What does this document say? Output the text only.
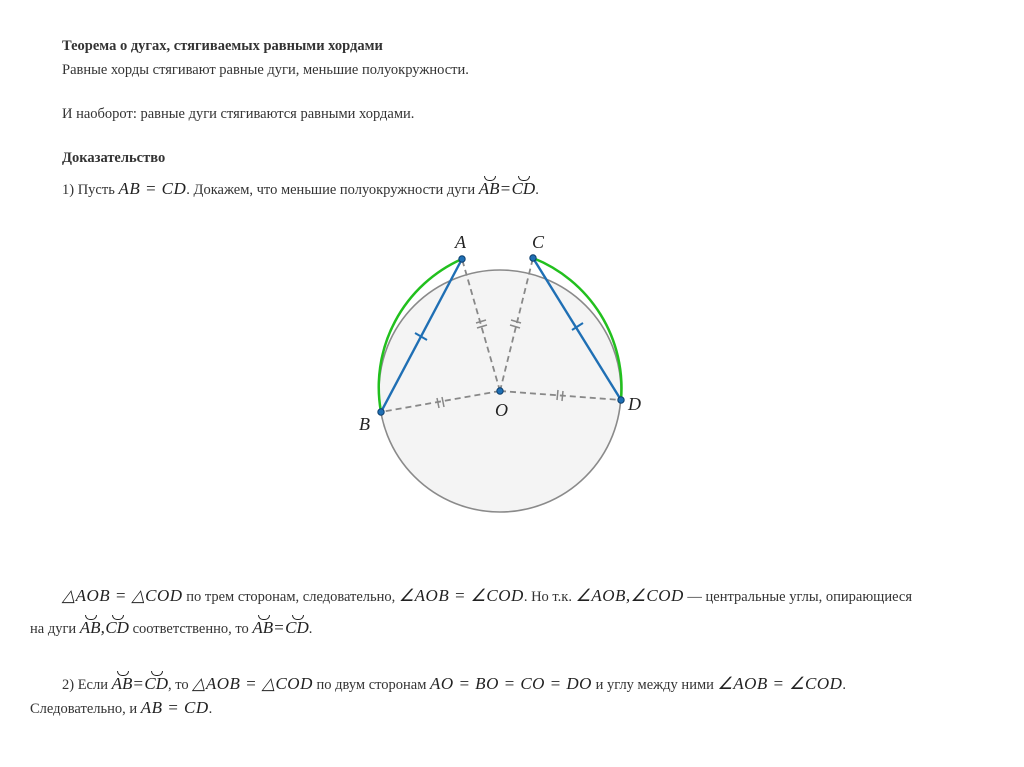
Теорема о дугах, стягиваемых равными хордами
Равные хорды стягивают равные дуги, меньшие полуокружности.
И наоборот: равные дуги стягиваются равными хордами.
Доказательство
1) Пусть AB = CD. Докажем, что меньшие полуокружности дуги AB=CD.
A	C
B
D
O
△AOB = △COD по трем сторонам, следовательно, ∠AOB = ∠COD. Но т.к. ∠AOB,∠COD — центральные углы, опирающиеся
на дуги AB,CD соответственно, то AB=CD.
2) Если AB=CD, то △AOB = △COD по двум сторонам AO = BO = CO = DO и углу между ними ∠AOB = ∠COD.
Следовательно, и AB = CD.
